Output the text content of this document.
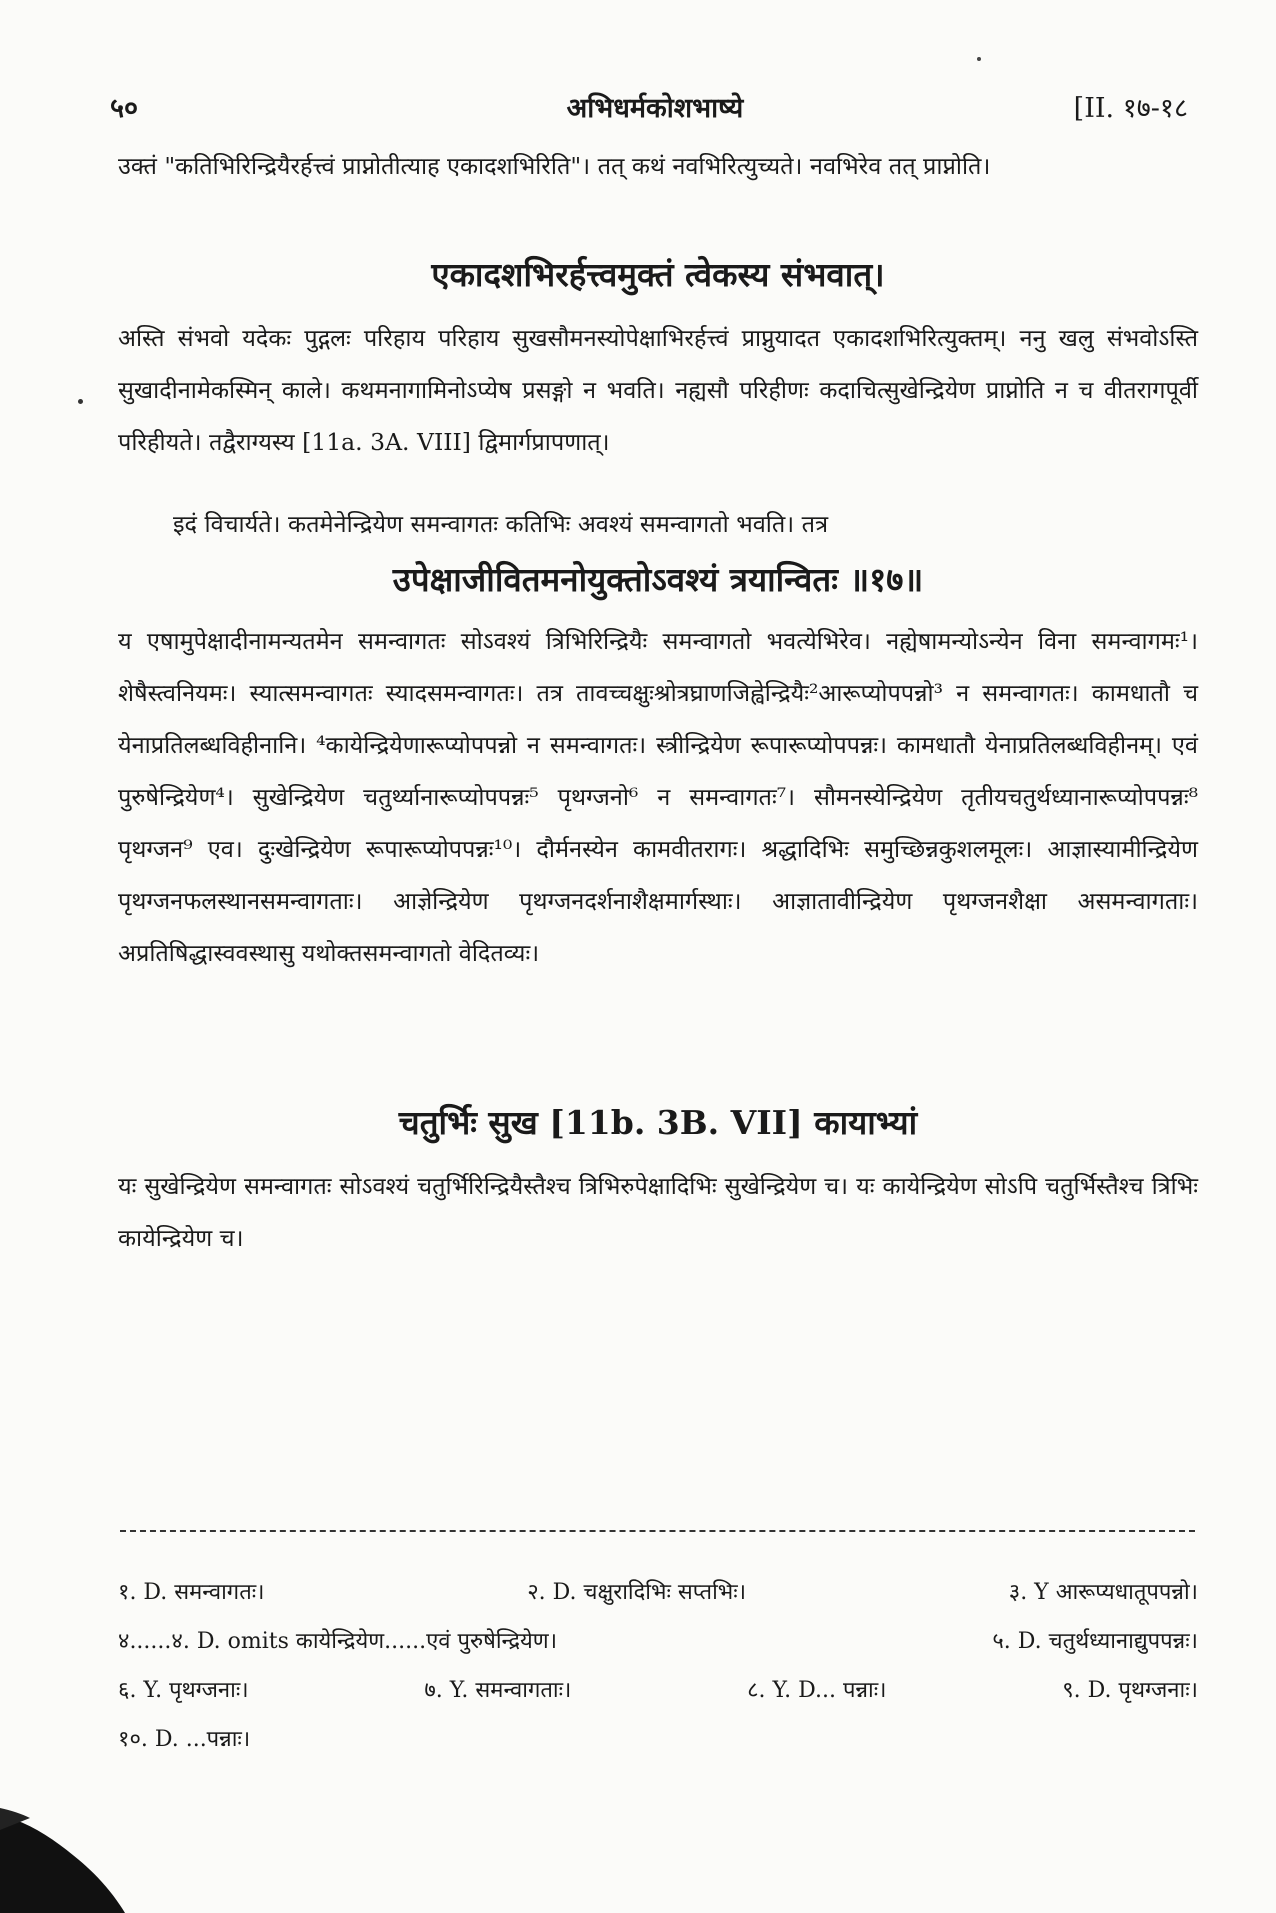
५०	अभिधर्मकोशभाष्ये	[II. १७-१८

उक्तं "कतिभिरिन्द्रियैरर्हत्त्वं प्राप्नोतीत्याह एकादशभिरिति"। तत् कथं नवभिरित्युच्यते। नवभिरेव तत् प्राप्नोति।

एकादशभिरर्हत्त्वमुक्तं त्वेकस्य संभवात्।

अस्ति संभवो यदेकः पुद्गलः परिहाय परिहाय सुखसौमनस्योपेक्षाभिरर्हत्त्वं प्राप्नुयादत एकादशभिरित्युक्तम्। ननु खलु संभवोऽस्ति सुखादीनामेकस्मिन् काले। कथमनागामिनोऽप्येष प्रसङ्गो न भवति। नह्यसौ परिहीणः कदाचित्सुखेन्द्रियेण प्राप्नोति न च वीतरागपूर्वी परिहीयते। तद्वैराग्यस्य [11a. 3A. VIII] द्विमार्गप्रापणात्।

इदं विचार्यते। कतमेनेन्द्रियेण समन्वागतः कतिभिः अवश्यं समन्वागतो भवति। तत्र

उपेक्षाजीवितमनोयुक्तोऽवश्यं त्रयान्वितः ॥१७॥

य एषामुपेक्षादीनामन्यतमेन समन्वागतः सोऽवश्यं त्रिभिरिन्द्रियैः समन्वागतो भवत्येभिरेव। नह्येषामन्योऽन्येन विना समन्वागमः¹। शेषैस्त्वनियमः। स्यात्समन्वागतः स्यादसमन्वागतः। तत्र तावच्चक्षुःश्रोत्रघ्राणजिह्वेन्द्रियैः²आरूप्योपपन्नो³ न समन्वागतः। कामधातौ च येनाप्रतिलब्धविहीनानि। ⁴कायेन्द्रियेणारूप्योपपन्नो न समन्वागतः। स्त्रीन्द्रियेण रूपारूप्योपपन्नः। कामधातौ येनाप्रतिलब्धविहीनम्। एवं पुरुषेन्द्रियेण⁴। सुखेन्द्रियेण चतुर्थ्यानारूप्योपपन्नः⁵ पृथग्जनो⁶ न समन्वागतः⁷। सौमनस्येन्द्रियेण तृतीयचतुर्थध्यानारूप्योपपन्नः⁸ पृथग्जन⁹ एव। दुःखेन्द्रियेण रूपारूप्योपपन्नः¹⁰। दौर्मनस्येन कामवीतरागः। श्रद्धादिभिः समुच्छिन्नकुशलमूलः। आज्ञास्यामीन्द्रियेण पृथग्जनफलस्थानसमन्वागताः। आज्ञेन्द्रियेण पृथग्जनदर्शनाशैक्षमार्गस्थाः। आज्ञातावीन्द्रियेण पृथग्जनशैक्षा असमन्वागताः। अप्रतिषिद्धास्ववस्थासु यथोक्तसमन्वागतो वेदितव्यः।

चतुर्भिः सुख [11b. 3B. VII] कायाभ्यां

यः सुखेन्द्रियेण समन्वागतः सोऽवश्यं चतुर्भिरिन्द्रियैस्तैश्च त्रिभिरुपेक्षादिभिः सुखेन्द्रियेण च। यः कायेन्द्रियेण सोऽपि चतुर्भिस्तैश्च त्रिभिः कायेन्द्रियेण च।

१. D. समन्वागतः।	२. D. चक्षुरादिभिः सप्तभिः।	३. Y आरूप्यधातूपपन्नो।
४......४. D. omits कायेन्द्रियेण......एवं पुरुषेन्द्रियेण।	५. D. चतुर्थध्यानाद्युपपन्नः।
६. Y. पृथग्जनाः।	७. Y. समन्वागताः।	८. Y. D... पन्नाः।	९. D. पृथग्जनाः।
१०. D. ...पन्नाः।
